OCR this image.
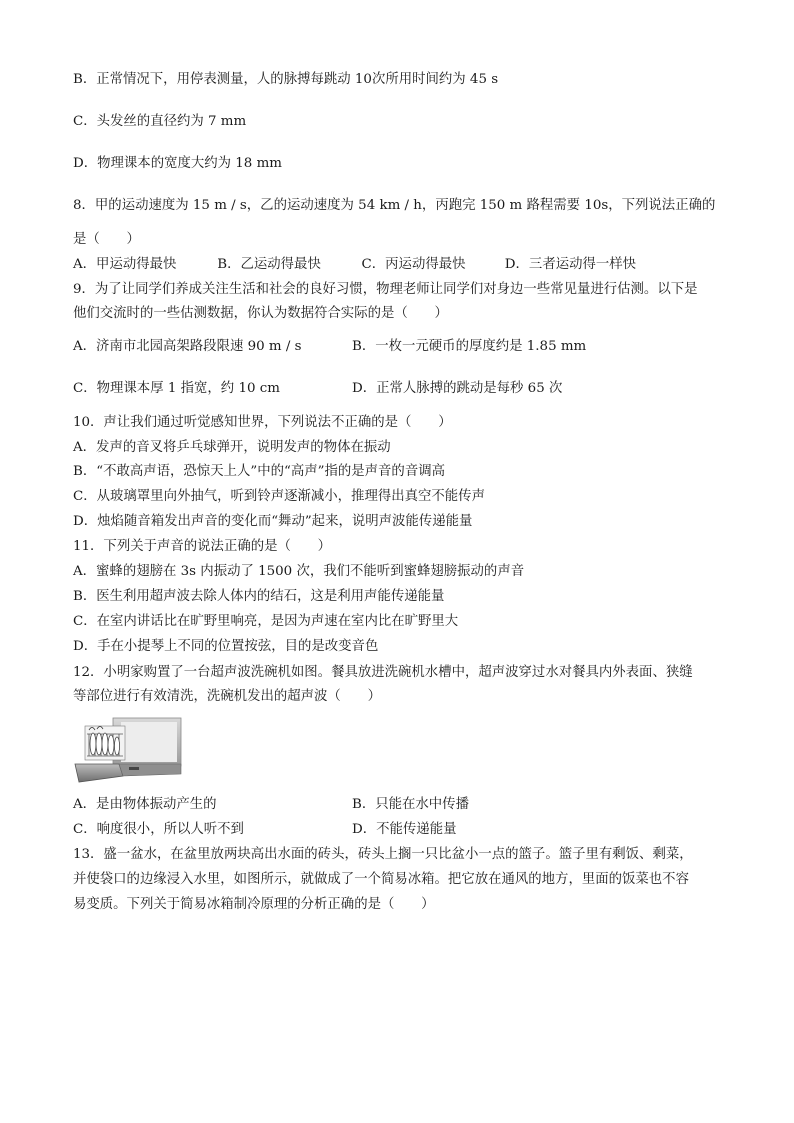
B．正常情况下，用停表测量，人的脉搏每跳动 10次所用时间约为 45 s
C．头发丝的直径约为 7 mm
D．物理课本的宽度大约为 18 mm
8．甲的运动速度为 15 m / s，乙的运动速度为 54 km / h，丙跑完 150 m 路程需要 10s，下列说法正确的
是（　　）
A．甲运动得最快	B．乙运动得最快	C．丙运动得最快	D．三者运动得一样快
9．为了让同学们养成关注生活和社会的良好习惯，物理老师让同学们对身边一些常见量进行估测。以下是
他们交流时的一些估测数据，你认为数据符合实际的是（　　）
A．济南市北园高架路段限速 90 m / s	B．一枚一元硬币的厚度约是 1.85 mm
C．物理课本厚 1 指宽，约 10 cm	D．正常人脉搏的跳动是每秒 65 次
10．声让我们通过听觉感知世界，下列说法不正确的是（　　）
A．发声的音叉将乒乓球弹开，说明发声的物体在振动
B．“不敢高声语，恐惊天上人”中的“高声”指的是声音的音调高
C．从玻璃罩里向外抽气，听到铃声逐渐减小，推理得出真空不能传声
D．烛焰随音箱发出声音的变化而“舞动”起来，说明声波能传递能量
11．下列关于声音的说法正确的是（　　）
A．蜜蜂的翅膀在 3s 内振动了 1500 次，我们不能听到蜜蜂翅膀振动的声音
B．医生利用超声波去除人体内的结石，这是利用声能传递能量
C．在室内讲话比在旷野里响亮，是因为声速在室内比在旷野里大
D．手在小提琴上不同的位置按弦，目的是改变音色
12．小明家购置了一台超声波洗碗机如图。餐具放进洗碗机水槽中，超声波穿过水对餐具内外表面、狭缝
等部位进行有效清洗，洗碗机发出的超声波（　　）
A．是由物体振动产生的	B．只能在水中传播
C．响度很小，所以人听不到	D．不能传递能量
13．盛一盆水，在盆里放两块高出水面的砖头，砖头上搁一只比盆小一点的篮子。篮子里有剩饭、剩菜，
并使袋口的边缘浸入水里，如图所示，就做成了一个简易冰箱。把它放在通风的地方，里面的饭菜也不容
易变质。下列关于简易冰箱制冷原理的分析正确的是（　　）
